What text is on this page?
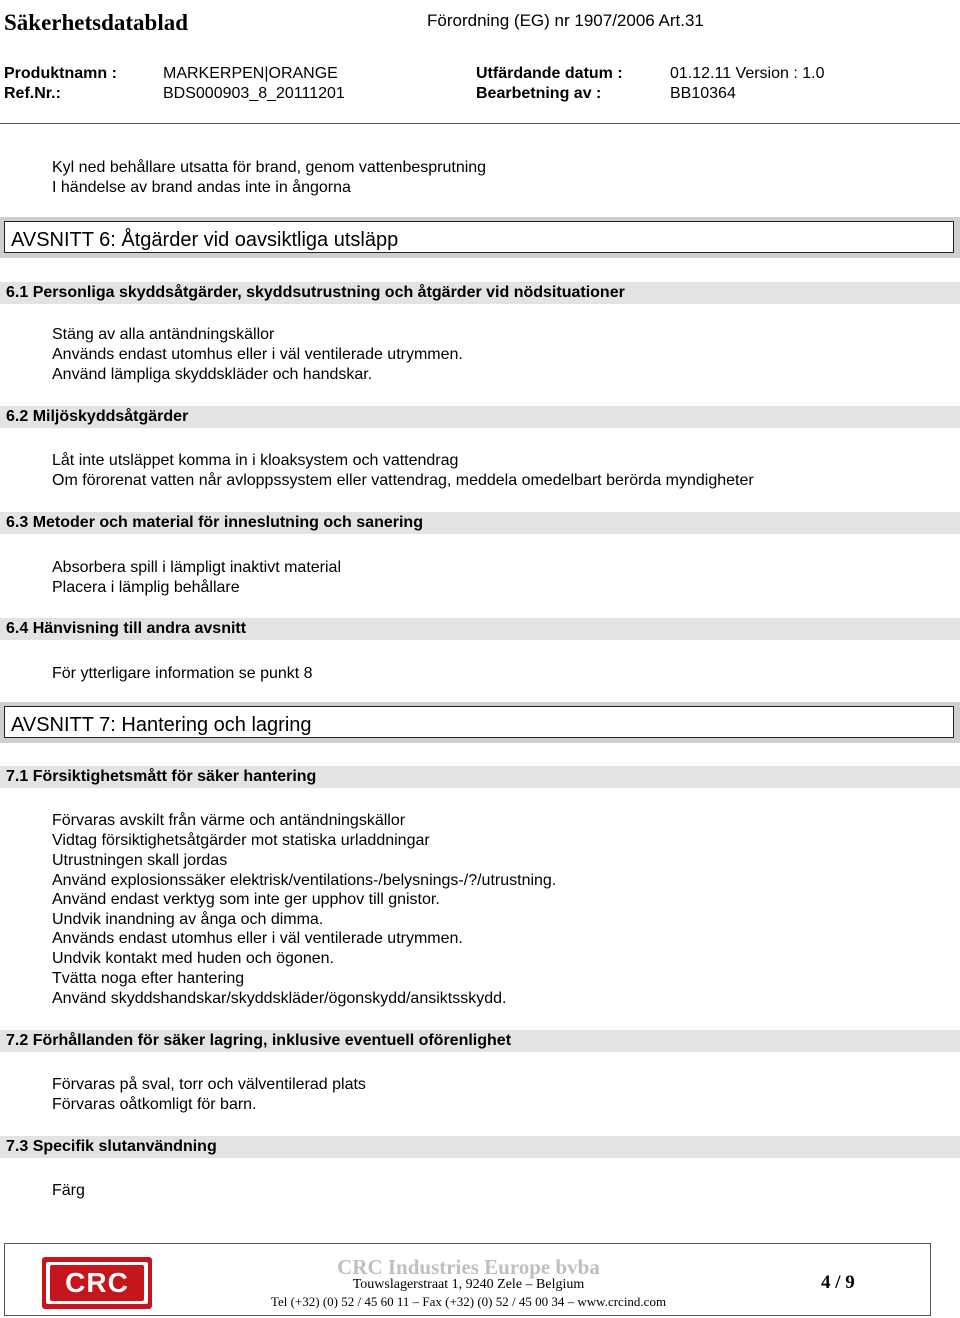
Säkerhetsdatablad	Förordning (EG) nr 1907/2006 Art.31
Produktnamn :	MARKERPEN|ORANGE	Utfärdande datum :	01.12.11 Version : 1.0
Ref.Nr.:	BDS000903_8_20111201	Bearbetning av :	BB10364
Kyl ned behållare utsatta för brand, genom vattenbesprutning
I händelse av brand andas inte in ångorna
AVSNITT 6: Åtgärder vid oavsiktliga utsläpp
6.1 Personliga skyddsåtgärder, skyddsutrustning och åtgärder vid nödsituationer
Stäng av alla antändningskällor
Används endast utomhus eller i väl ventilerade utrymmen.
Använd lämpliga skyddskläder och handskar.
6.2 Miljöskyddsåtgärder
Låt inte utsläppet komma in i kloaksystem och vattendrag
Om förorenat vatten når avloppssystem eller vattendrag, meddela omedelbart berörda myndigheter
6.3 Metoder och material för inneslutning och sanering
Absorbera spill i lämpligt inaktivt material
Placera i lämplig behållare
6.4 Hänvisning till andra avsnitt
För ytterligare information se punkt 8
AVSNITT 7: Hantering och lagring
7.1 Försiktighetsmått för säker hantering
Förvaras avskilt från värme och antändningskällor
Vidtag försiktighetsåtgärder mot statiska urladdningar
Utrustningen skall jordas
Använd explosionssäker elektrisk/ventilations-/belysnings-/?/utrustning.
Använd endast verktyg som inte ger upphov till gnistor.
Undvik inandning av ånga och dimma.
Används endast utomhus eller i väl ventilerade utrymmen.
Undvik kontakt med huden och ögonen.
Tvätta noga efter hantering
Använd skyddshandskar/skyddskläder/ögonskydd/ansiktsskydd.
7.2 Förhållanden för säker lagring, inklusive eventuell oförenlighet
Förvaras på sval, torr och välventilerad plats
Förvaras oåtkomligt för barn.
7.3 Specifik slutanvändning
Färg
CRC	CRC Industries Europe bvba
Touwslagerstraat 1, 9240 Zele – Belgium
Tel (+32) (0) 52 / 45 60 11 – Fax (+32) (0) 52 / 45 00 34 – www.crcind.com
4 / 9
